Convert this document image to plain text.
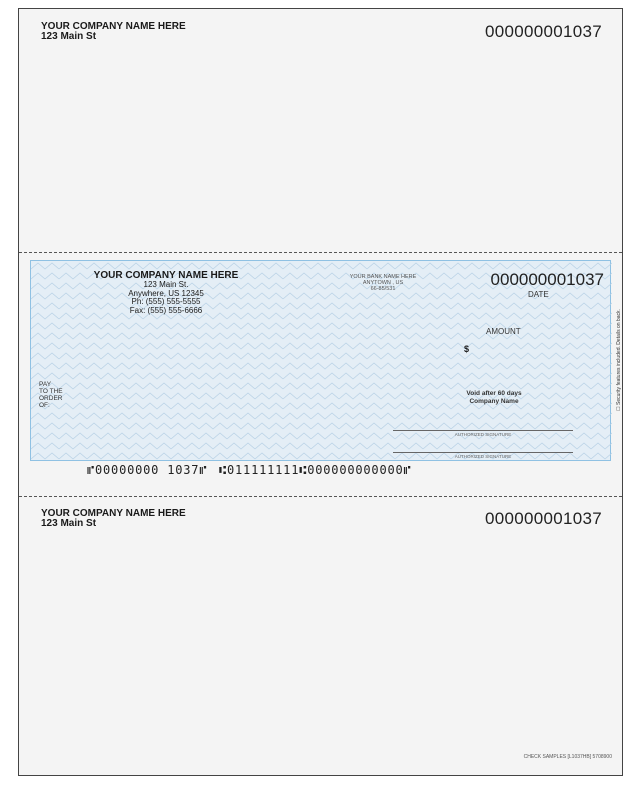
YOUR COMPANY NAME HERE
123 Main St	000000001037
YOUR COMPANY NAME HERE
123 Main St.
Anywhere, US 12345
Ph: (555) 555-5555
Fax: (555) 555-6666
YOUR BANK NAME HERE
ANYTOWN , US
66-85/531	000000001037
DATE
AMOUNT
$
PAY
TO THE
ORDER
OF:
Void after 60 days
Company Name
AUTHORIZED SIGNATURE
AUTHORIZED SIGNATURE
☐ Security features included. Details on back.
⑈00000000 1037⑈ ⑆011111111⑆000000000000⑈
YOUR COMPANY NAME HERE
123 Main St	000000001037
CHECK SAMPLES [L1037HB] 5708900
